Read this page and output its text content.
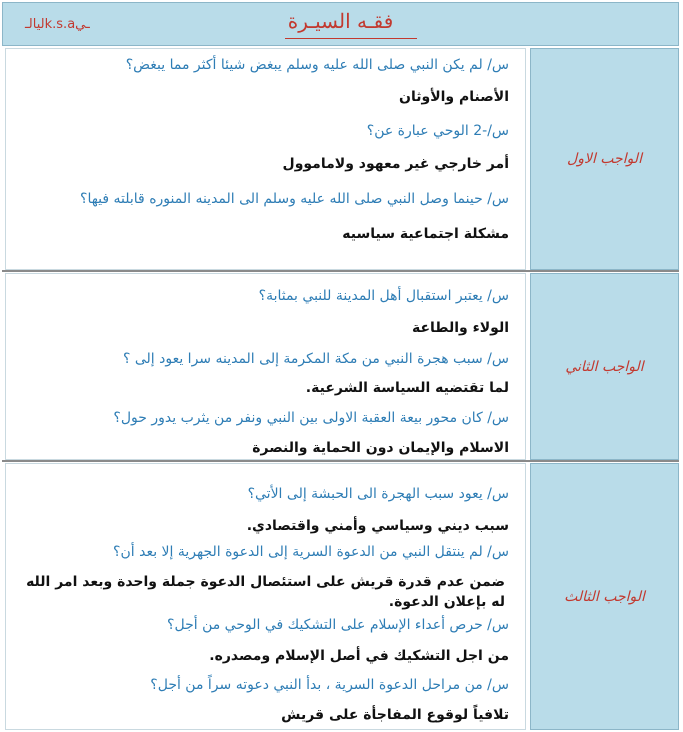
فقـه السيـرة
ليالـk.s.aـي
س/ لم يكن النبي صلى الله عليه وسلم يبغض شيئا أكثر مما يبغض؟
الأصنام والأوثان
س/-2 الوحي عبارة عن؟
أمر خارجي غير معهود ولاماموول
س/ حينما وصل النبي صلى الله عليه وسلم الى المدينه المنوره قابلته فيها؟
مشكلة اجتماعية سياسيه
الواجب الاول
س/ يعتبر استقبال أهل المدينة للنبي بمثابة؟
الولاء والطاعة
س/ سبب هجرة النبي من مكة المكرمة إلى المدينه سرا يعود إلى ؟
لما تقتضيه السياسة الشرعية.
س/ كان محور بيعة العقبة الاولى بين النبي ونفر من يثرب يدور حول؟
الاسلام والإيمان دون الحماية والنصرة
الواجب الثاني
س/ يعود سبب الهجرة الى الحبشة إلى الأتي؟
سبب ديني وسياسي وأمني واقتصادي.
س/ لم ينتقل النبي من الدعوة السرية إلى الدعوة الجهرية إلا بعد أن؟
ضمن عدم قدرة قريش على استئصال الدعوة جملة واحدة وبعد امر الله له بإعلان الدعوة.
س/ حرص أعداء الإسلام على التشكيك في الوحي من أجل؟
من اجل التشكيك في أصل الإسلام ومصدره.
س/ من مراحل الدعوة السرية ، بدأ النبي دعوته سراً من أجل؟
تلافياً لوقوع المفاجأة على قريش
الواجب الثالث
